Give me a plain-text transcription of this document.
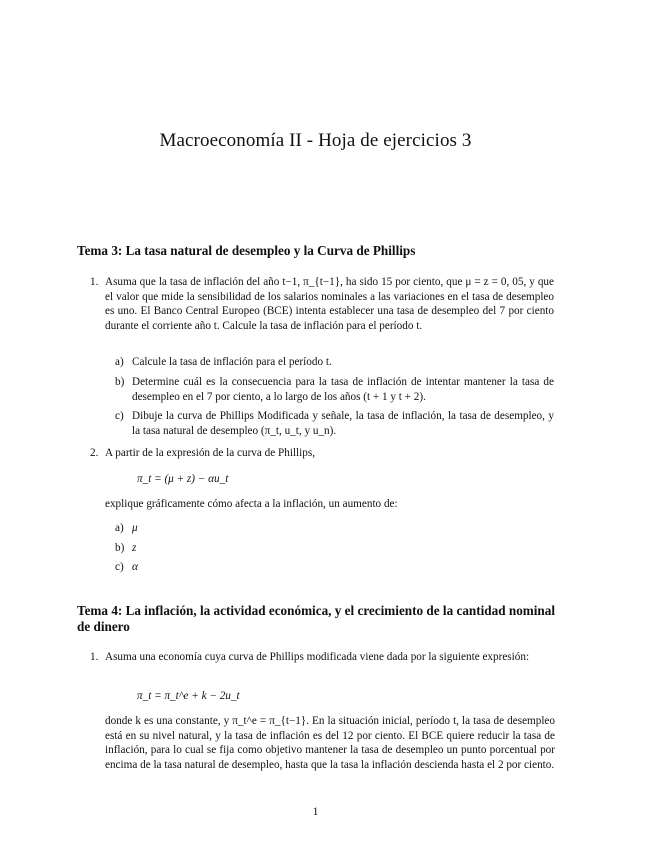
Macroeconomía II - Hoja de ejercicios 3
Tema 3: La tasa natural de desempleo y la Curva de Phillips
1. Asuma que la tasa de inflación del año t−1, π_{t−1}, ha sido 15 por ciento, que μ = z = 0, 05, y que el valor que mide la sensibilidad de los salarios nominales a las variaciones en el tasa de desempleo es uno. El Banco Central Europeo (BCE) intenta establecer una tasa de desempleo del 7 por ciento durante el corriente año t. Calcule la tasa de inflación para el período t.
a) Calcule la tasa de inflación para el período t.
b) Determine cuál es la consecuencia para la tasa de inflación de intentar mantener la tasa de desempleo en el 7 por ciento, a lo largo de los años (t + 1 y t + 2).
c) Dibuje la curva de Phillips Modificada y señale, la tasa de inflación, la tasa de desempleo, y la tasa natural de desempleo (π_t, u_t, y u_n).
2. A partir de la expresión de la curva de Phillips,
π_t = (μ + z) − αu_t
explique gráficamente cómo afecta a la inflación, un aumento de:
a) μ
b) z
c) α
Tema 4: La inflación, la actividad económica, y el crecimiento de la cantidad nominal de dinero
1. Asuma una economía cuya curva de Phillips modificada viene dada por la siguiente expresión:
π_t = π_t^e + k − 2u_t
donde k es una constante, y π_t^e = π_{t−1}. En la situación inicial, período t, la tasa de desempleo está en su nivel natural, y la tasa de inflación es del 12 por ciento. El BCE quiere reducir la tasa de inflación, para lo cual se fija como objetivo mantener la tasa de desempleo un punto porcentual por encima de la tasa natural de desempleo, hasta que la tasa la inflación descienda hasta el 2 por ciento.
1
